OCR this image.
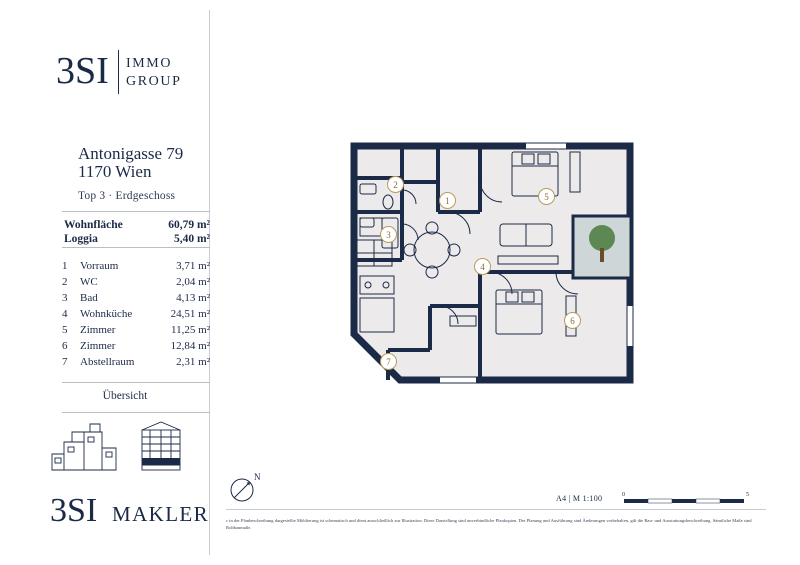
3SI IMMO
GROUP
Antonigasse 79
1170 Wien
Top 3 · Erdgeschoss
Wohnfläche	60,79 m²
Loggia	5,40 m²
1	Vorraum	3,71 m²
2	WC	2,04 m²
3	Bad	4,13 m²
4	Wohnküche	24,51 m²
5	Zimmer	11,25 m²
6	Zimmer	12,84 m²
7	Abstellraum	2,31 m²
Übersicht
3SI MAKLER
N
A4 | M 1:100	0	5
c in der Planbeschreibung dargestellte Möblierung ist schematisch und dient ausschließlich zur Illustration. Diese Darstellung sind unverbindliche Plankopien. Der Planung und Ausführung sind Änderungen vorbehalten, gilt die Bau- und Ausstattungsbeschreibung. Sämtliche Maße sind Rohbaumaße.
1
2
3
4
5
6
7
